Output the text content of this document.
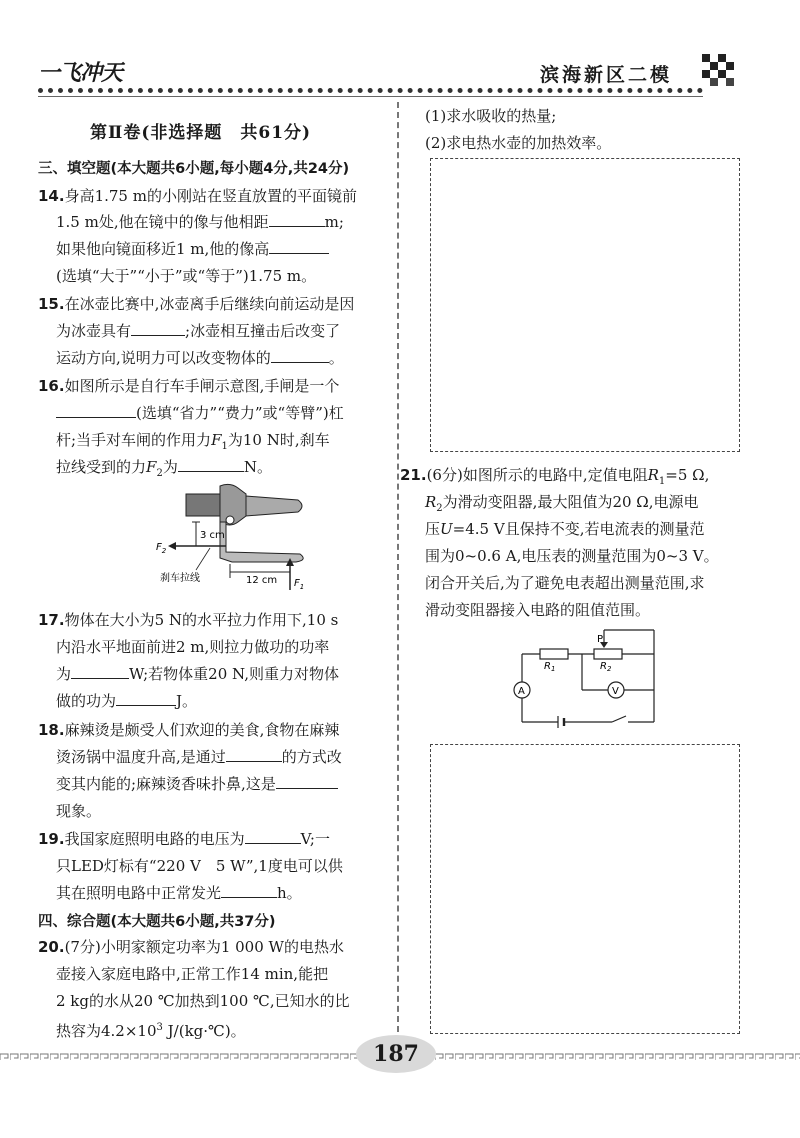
一飞冲天	滨海新区二模
第Ⅱ卷(非选择题　共61分)
三、填空题(本大题共6小题,每小题4分,共24分)
14.身高1.75 m的小刚站在竖直放置的平面镜前
1.5 m处,他在镜中的像与他相距	m;
如果他向镜面移近1 m,他的像高
(选填“大于”“小于”或“等于”)1.75 m。
15.在冰壶比赛中,冰壶离手后继续向前运动是因
为冰壶具有	;冰壶相互撞击后改变了
运动方向,说明力可以改变物体的	。
16.如图所示是自行车手闸示意图,手闸是一个
(选填“省力”“费力”或“等臂”)杠
杆;当手对车闸的作用力$F_1$为10 N时,刹车
拉线受到的力$F_2$为	N。
3 cm
12 cm
$F_2$
$F_1$
刹车拉线
17.物体在大小为5 N的水平拉力作用下,10 s
内沿水平地面前进2 m,则拉力做功的功率
为	W;若物体重20 N,则重力对物体
做的功为	J。
18.麻辣烫是颇受人们欢迎的美食,食物在麻辣
烫汤锅中温度升高,是通过	的方式改
变其内能的;麻辣烫香味扑鼻,这是
现象。
19.我国家庭照明电路的电压为	V;一
只LED灯标有“220 V　5 W”,1度电可以供
其在照明电路中正常发光	h。
四、综合题(本大题共6小题,共37分)
20.(7分)小明家额定功率为1 000 W的电热水
壶接入家庭电路中,正常工作14 min,能把
2 kg的水从20 ℃加热到100 ℃,已知水的比
热容为$4.2\times 10^3$ J/(kg·℃)。
(1)求水吸收的热量;
(2)求电热水壶的加热效率。
21.(6分)如图所示的电路中,定值电阻$R_1=5$ Ω,
$R_2$为滑动变阻器,最大阻值为20 Ω,电源电
压U=4.5 V且保持不变,若电流表的测量范
围为0~0.6 A,电压表的测量范围为0~3 V。
闭合开关后,为了避免电表超出测量范围,求
滑动变阻器接入电路的阻值范围。
P
$R_1$	$R_2$
A	V
187
